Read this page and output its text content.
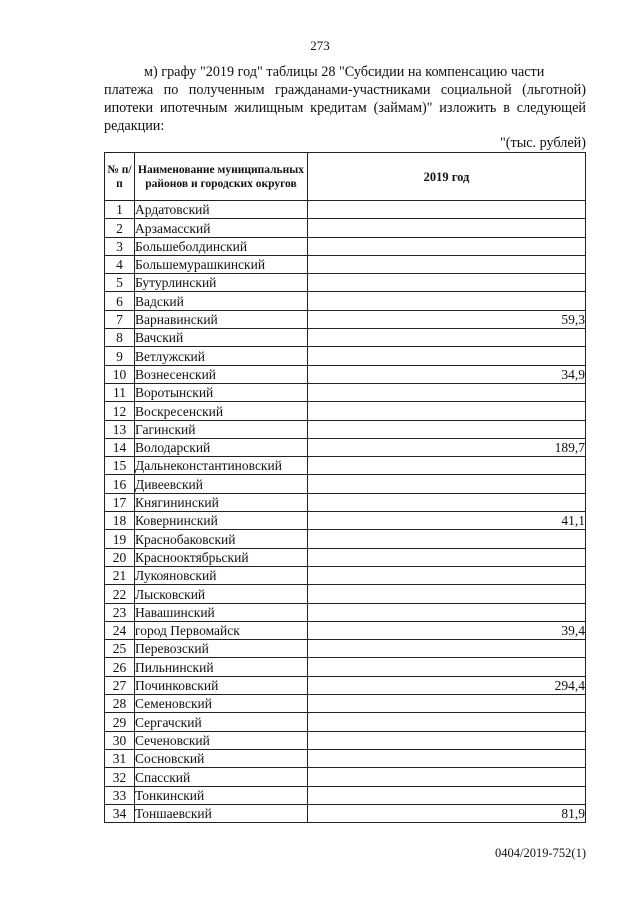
273
м) графу "2019 год" таблицы 28 "Субсидии на компенсацию части
платежа по полученным гражданами-участниками социальной (льготной) ипотеки ипотечным жилищным кредитам (займам)" изложить в следующей редакции:
"(тыс. рублей)
№ п/п	Наименование муниципальных районов и городских округов	2019 год
1	Ардатовский	
2	Арзамасский	
3	Большеболдинский	
4	Большемурашкинский	
5	Бутурлинский	
6	Вадский	
7	Варнавинский	59,3
8	Вачский	
9	Ветлужский	
10	Вознесенский	34,9
11	Воротынский	
12	Воскресенский	
13	Гагинский	
14	Володарский	189,7
15	Дальнеконстантиновский	
16	Дивеевский	
17	Княгининский	
18	Ковернинский	41,1
19	Краснобаковский	
20	Краснооктябрьский	
21	Лукояновский	
22	Лысковский	
23	Навашинский	
24	город Первомайск	39,4
25	Перевозский	
26	Пильнинский	
27	Починковский	294,4
28	Семеновский	
29	Сергачский	
30	Сеченовский	
31	Сосновский	
32	Спасский	
33	Тонкинский	
34	Тоншаевский	81,9
0404/2019-752(1)
